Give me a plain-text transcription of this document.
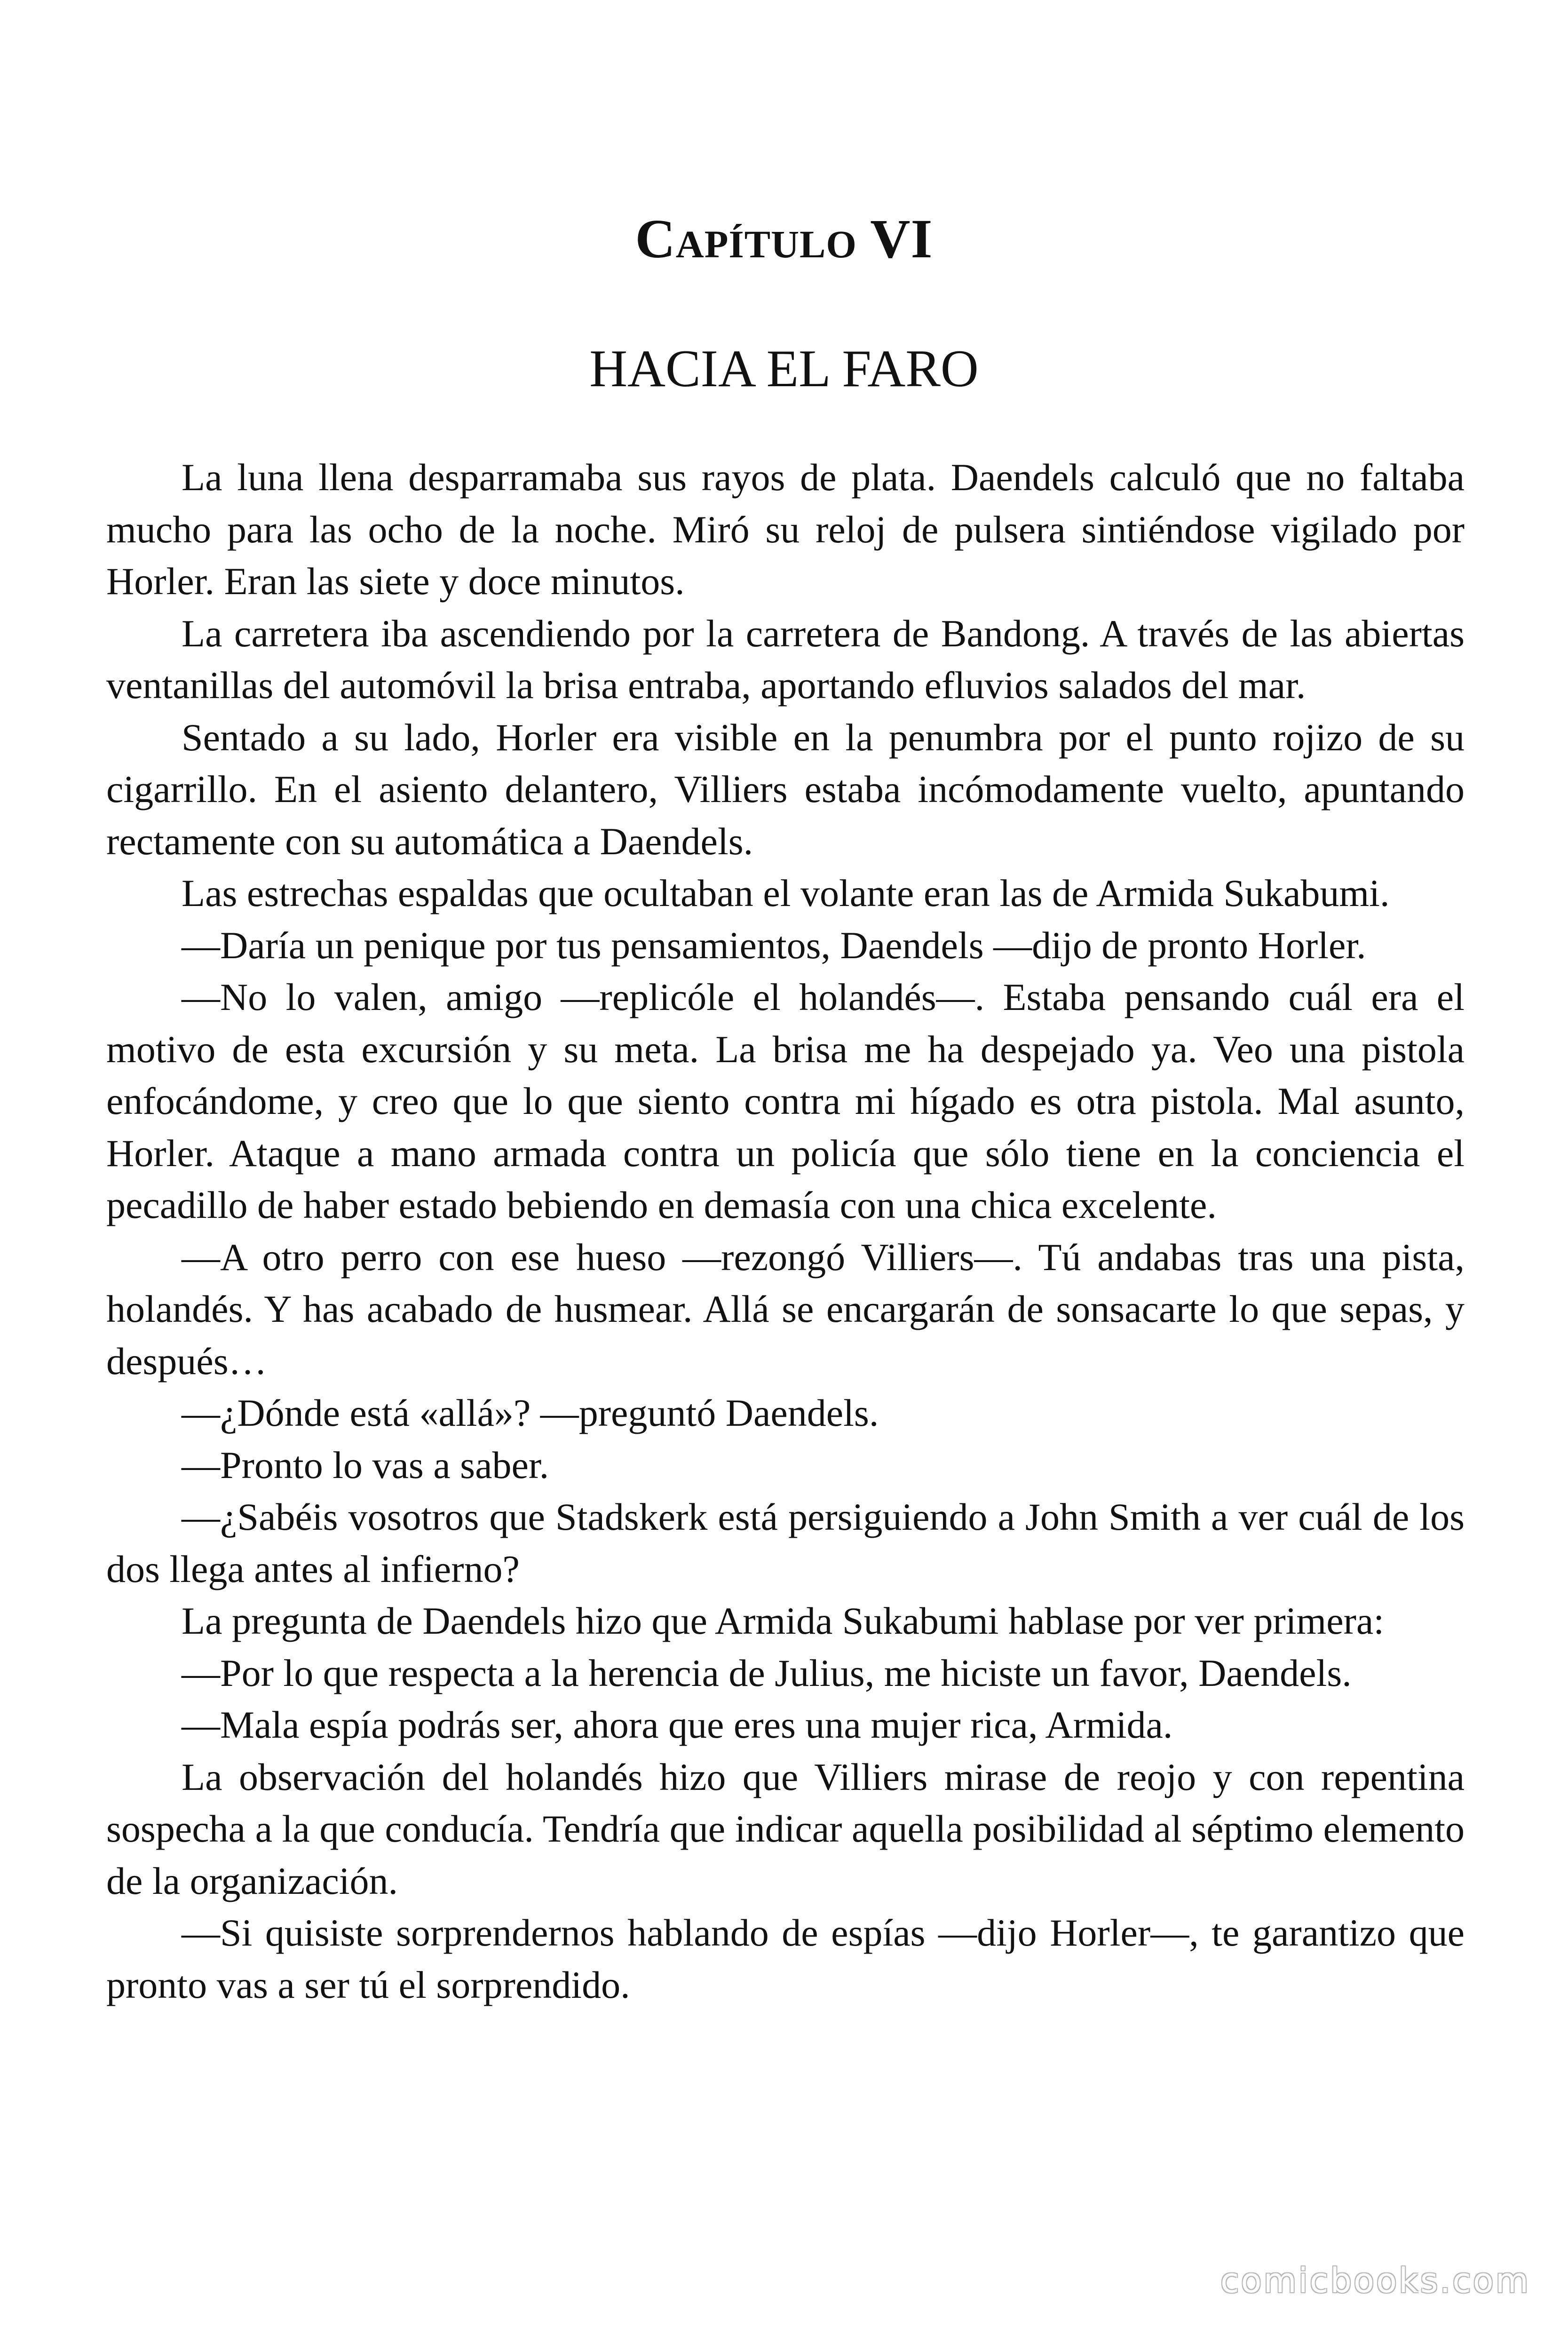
Capítulo VI
HACIA EL FARO

La luna llena desparramaba sus rayos de plata. Daendels calculó que no faltaba mucho para las ocho de la noche. Miró su reloj de pulsera sintiéndose vigilado por Horler. Eran las siete y doce minutos.

La carretera iba ascendiendo por la carretera de Bandong. A través de las abiertas ventanillas del automóvil la brisa entraba, aportando efluvios salados del mar.

Sentado a su lado, Horler era visible en la penumbra por el punto rojizo de su cigarrillo. En el asiento delantero, Villiers estaba incómodamente vuelto, apuntando rectamente con su automática a Daendels.

Las estrechas espaldas que ocultaban el volante eran las de Armida Sukabumi.

—Daría un penique por tus pensamientos, Daendels —dijo de pronto Horler.

—No lo valen, amigo —replicóle el holandés—. Estaba pensando cuál era el motivo de esta excursión y su meta. La brisa me ha despejado ya. Veo una pistola enfocándome, y creo que lo que siento contra mi hígado es otra pistola. Mal asunto, Horler. Ataque a mano armada contra un policía que sólo tiene en la conciencia el pecadillo de haber estado bebiendo en demasía con una chica excelente.

—A otro perro con ese hueso —rezongó Villiers—. Tú andabas tras una pista, holandés. Y has acabado de husmear. Allá se encargarán de sonsacarte lo que sepas, y después…

—¿Dónde está «allá»? —preguntó Daendels.

—Pronto lo vas a saber.

—¿Sabéis vosotros que Stadskerk está persiguiendo a John Smith a ver cuál de los dos llega antes al infierno?

La pregunta de Daendels hizo que Armida Sukabumi hablase por ver primera:

—Por lo que respecta a la herencia de Julius, me hiciste un favor, Daendels.

—Mala espía podrás ser, ahora que eres una mujer rica, Armida.

La observación del holandés hizo que Villiers mirase de reojo y con repentina sospecha a la que conducía. Tendría que indicar aquella posibilidad al séptimo elemento de la organización.

—Si quisiste sorprendernos hablando de espías —dijo Horler—, te garantizo que pronto vas a ser tú el sorprendido.

comicbooks.com
